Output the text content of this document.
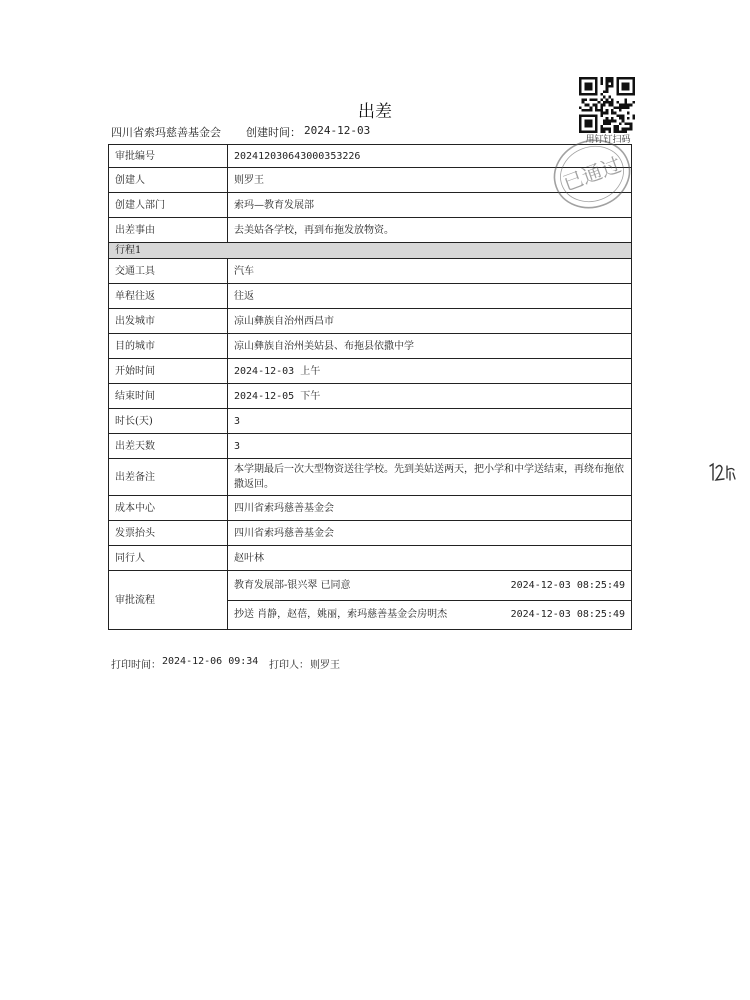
出差
四川省索玛慈善基金会 创建时间： 2024-12-03
用钉钉扫码
审批编号	202412030643000353226
创建人	则罗王
创建人部门	索玛—教育发展部
出差事由	去美姑各学校，再到布拖发放物资。
行程1	
交通工具	汽车
单程往返	往返
出发城市	凉山彝族自治州西昌市
目的城市	凉山彝族自治州美姑县、布拖县依撒中学
开始时间	2024-12-03 上午
结束时间	2024-12-05 下午
时长(天)	3
出差天数	3
出差备注	本学期最后一次大型物资送往学校。先到美姑送两天，把小学和中学送结束，再绕布拖依撒返回。
成本中心	四川省索玛慈善基金会
发票抬头	四川省索玛慈善基金会
同行人	赵叶林
审批流程	教育发展部-银兴翠 已同意 2024-12-03 08:25:49

	抄送 肖静，赵蓓，姚丽，索玛慈善基金会房明杰 2024-12-03 08:25:49
已通过
打印时间： 2024-12-06 09:34 打印人： 则罗王
